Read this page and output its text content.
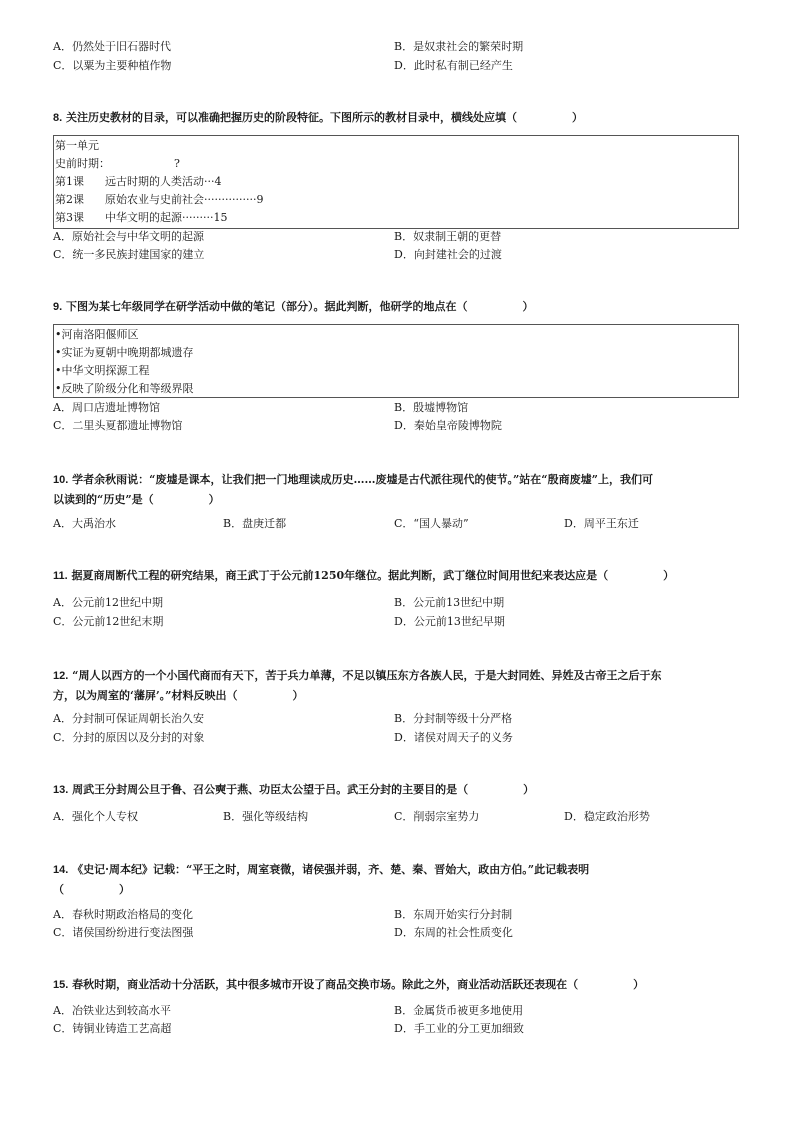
A．仍然处于旧石器时代	B．是奴隶社会的繁荣时期
C．以粟为主要种植作物	D．此时私有制已经产生
8. 关注历史教材的目录，可以准确把握历史的阶段特征。下图所示的教材目录中，横线处应填（　　　　　）
第一单元
史前时期：	?
第1课 远古时期的人类活动···4
第2课 原始农业与史前社会···············9
第3课 中华文明的起源·········15
A．原始社会与中华文明的起源	B．奴隶制王朝的更替
C．统一多民族封建国家的建立	D．向封建社会的过渡
9. 下图为某七年级同学在研学活动中做的笔记（部分）。据此判断，他研学的地点在（　　　　　）
•河南洛阳偃师区
•实证为夏朝中晚期都城遗存
•中华文明探源工程
•反映了阶级分化和等级界限
A．周口店遗址博物馆	B．殷墟博物馆
C．二里头夏都遗址博物馆	D．秦始皇帝陵博物院
10. 学者余秋雨说：“废墟是课本，让我们把一门地理读成历史……废墟是古代派往现代的使节。”站在“殷商废墟”上，我们可
以读到的“历史”是（　　　　　）
A．大禹治水	B．盘庚迁都	C．“国人暴动”	D．周平王东迁
11. 据夏商周断代工程的研究结果，商王武丁于公元前1250年继位。据此判断，武丁继位时间用世纪来表达应是（　　　　　）
A．公元前12世纪中期	B．公元前13世纪中期
C．公元前12世纪末期	D．公元前13世纪早期
12. “周人以西方的一个小国代商而有天下，苦于兵力单薄，不足以镇压东方各族人民，于是大封同姓、异姓及古帝王之后于东
方，以为周室的‘藩屏’。”材料反映出（　　　　　）
A．分封制可保证周朝长治久安	B．分封制等级十分严格
C．分封的原因以及分封的对象	D．诸侯对周天子的义务
13. 周武王分封周公旦于鲁、召公奭于燕、功臣太公望于吕。武王分封的主要目的是（　　　　　）
A．强化个人专权	B．强化等级结构	C．削弱宗室势力	D．稳定政治形势
14. 《史记·周本纪》记载：“平王之时，周室衰微，诸侯强并弱，齐、楚、秦、晋始大，政由方伯。”此记载表明
（　　　　　）
A．春秋时期政治格局的变化	B．东周开始实行分封制
C．诸侯国纷纷进行变法图强	D．东周的社会性质变化
15. 春秋时期，商业活动十分活跃，其中很多城市开设了商品交换市场。除此之外，商业活动活跃还表现在（　　　　　）
A．冶铁业达到较高水平	B．金属货币被更多地使用
C．铸铜业铸造工艺高超	D．手工业的分工更加细致
